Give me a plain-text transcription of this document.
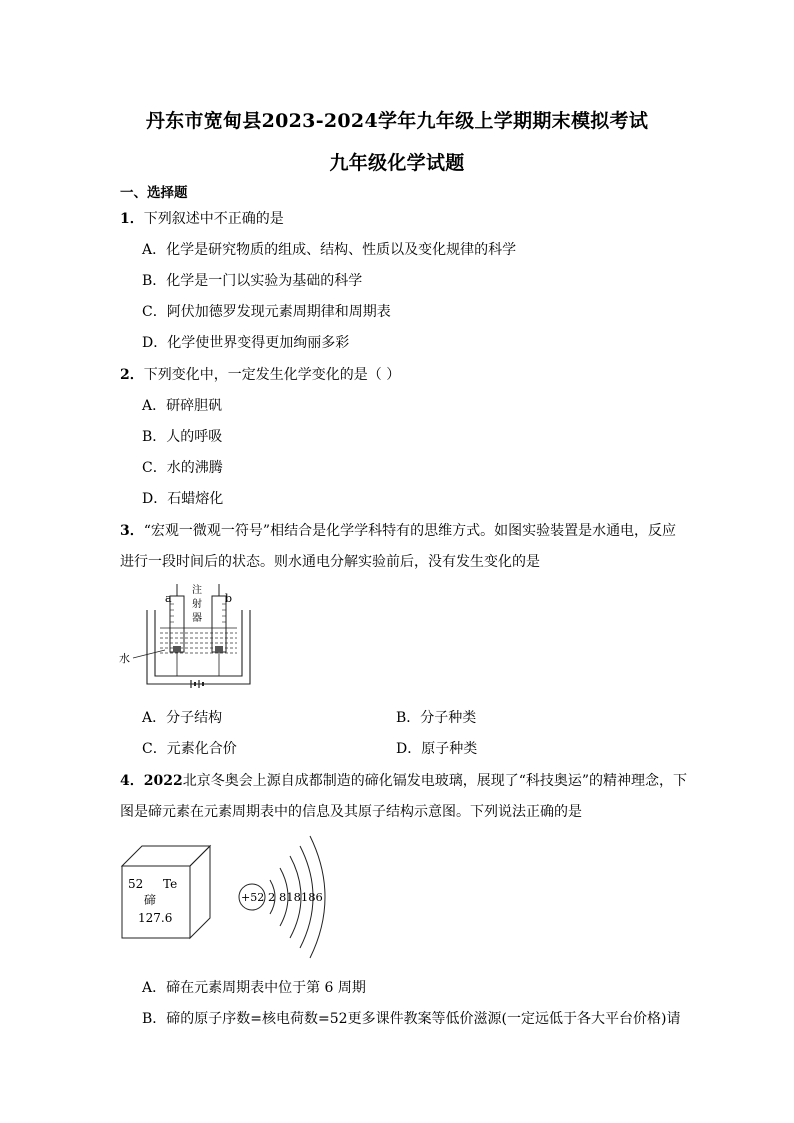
丹东市宽甸县2023-2024学年九年级上学期期末模拟考试
九年级化学试题
一、选择题
1．下列叙述中不正确的是
A．化学是研究物质的组成、结构、性质以及变化规律的科学
B．化学是一门以实验为基础的科学
C．阿伏加德罗发现元素周期律和周期表
D．化学使世界变得更加绚丽多彩
2．下列变化中，一定发生化学变化的是（ ）
A．研碎胆矾
B．人的呼吸
C．水的沸腾
D．石蜡熔化
3．“宏观一微观一符号”相结合是化学学科特有的思维方式。如图实验装置是水通电，反应
进行一段时间后的状态。则水通电分解实验前后，没有发生变化的是
a	b
注
射
器
水
A．分子结构	B．分子种类
C．元素化合价	D．原子种类
4．2022北京冬奥会上源自成都制造的碲化镉发电玻璃，展现了“科技奥运”的精神理念，下
图是碲元素在元素周期表中的信息及其原子结构示意图。下列说法正确的是
52 Te
碲
127.6
+52 2 818186
A．碲在元素周期表中位于第 6 周期
B．碲的原子序数=核电荷数=52更多课件教案等低价滋源(一定远低于各大平台价格)请
